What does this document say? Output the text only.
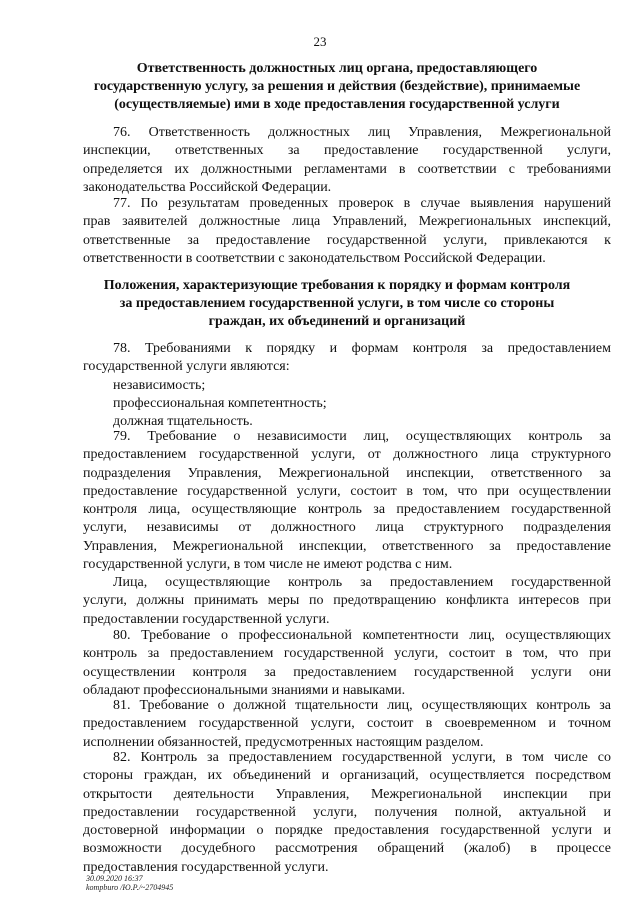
23
Ответственность должностных лиц органа, предоставляющего
государственную услугу, за решения и действия (бездействие), принимаемые
(осуществляемые) ими в ходе предоставления государственной услуги
76. Ответственность должностных лиц Управления, Межрегиональной
инспекции, ответственных за предоставление государственной услуги,
определяется их должностными регламентами в соответствии с требованиями
законодательства Российской Федерации.
77. По результатам проведенных проверок в случае выявления нарушений
прав заявителей должностные лица Управлений, Межрегиональных инспекций,
ответственные за предоставление государственной услуги, привлекаются к
ответственности в соответствии с законодательством Российской Федерации.
Положения, характеризующие требования к порядку и формам контроля
за предоставлением государственной услуги, в том числе со стороны
граждан, их объединений и организаций
78. Требованиями к порядку и формам контроля за предоставлением
государственной услуги являются:
независимость;
профессиональная компетентность;
должная тщательность.
79. Требование о независимости лиц, осуществляющих контроль за
предоставлением государственной услуги, от должностного лица структурного
подразделения Управления, Межрегиональной инспекции, ответственного за
предоставление государственной услуги, состоит в том, что при осуществлении
контроля лица, осуществляющие контроль за предоставлением государственной
услуги, независимы от должностного лица структурного подразделения
Управления, Межрегиональной инспекции, ответственного за предоставление
государственной услуги, в том числе не имеют родства с ним.
Лица, осуществляющие контроль за предоставлением государственной
услуги, должны принимать меры по предотвращению конфликта интересов при
предоставлении государственной услуги.
80. Требование о профессиональной компетентности лиц, осуществляющих
контроль за предоставлением государственной услуги, состоит в том, что при
осуществлении контроля за предоставлением государственной услуги они
обладают профессиональными знаниями и навыками.
81. Требование о должной тщательности лиц, осуществляющих контроль за
предоставлением государственной услуги, состоит в своевременном и точном
исполнении обязанностей, предусмотренных настоящим разделом.
82. Контроль за предоставлением государственной услуги, в том числе со
стороны граждан, их объединений и организаций, осуществляется посредством
открытости деятельности Управления, Межрегиональной инспекции при
предоставлении государственной услуги, получения полной, актуальной и
достоверной информации о порядке предоставления государственной услуги и
возможности досудебного рассмотрения обращений (жалоб) в процессе
предоставления государственной услуги.
30.09.2020 16:37
kompburo /Ю.Р./~2704945
